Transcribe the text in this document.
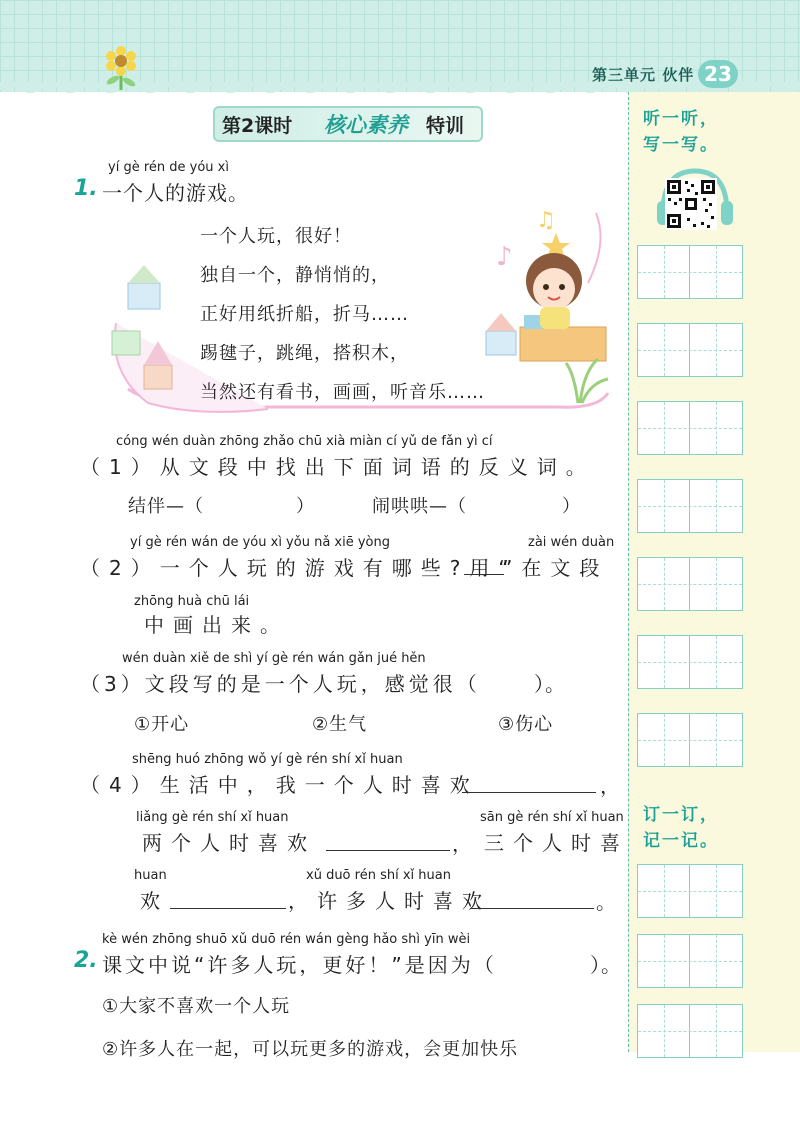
第三单元 伙伴 23
听一听，
写一写。
订一订，
记一记。
第2课时 核心素养 特训
yí gè rén de yóu xì
1. 一个人的游戏。
♪
♫
一个人玩，很好！
独自一个，静悄悄的，
正好用纸折船，折马……
踢毽子，跳绳，搭积木，
当然还有看书，画画，听音乐……
cóng wén duàn zhōng zhǎo chū xià miàn cí yǔ de fǎn yì cí
（1）从文段中找出下面词语的反义词。
结伴—（	）	闹哄哄—（	）
yí gè rén wán de yóu xì yǒu nǎ xiē yòng	zài wén duàn
（2）一个人玩的游戏有哪些?用“
”在文段
zhōng huà chū lái
中画出来。
wén duàn xiě de shì yí gè rén wán gǎn jué hěn
（3）文段写的是一个人玩，感觉很（	）。
①开心	②生气	③伤心
shēng huó zhōng wǒ yí gè rén shí xǐ huan
（4）生活中，我一个人时喜欢	，
liǎng gè rén shí xǐ huan
两个人时喜欢	，
sān gè rén shí xǐ huan
三个人时喜
huan
欢
xǔ duō rén shí xǐ huan
，许多人时喜欢	。
kè wén zhōng shuō xǔ duō rén wán gèng hǎo shì yīn wèi
2. 课文中说“许多人玩，更好！”是因为（	）。
①大家不喜欢一个人玩
②许多人在一起，可以玩更多的游戏，会更加快乐
